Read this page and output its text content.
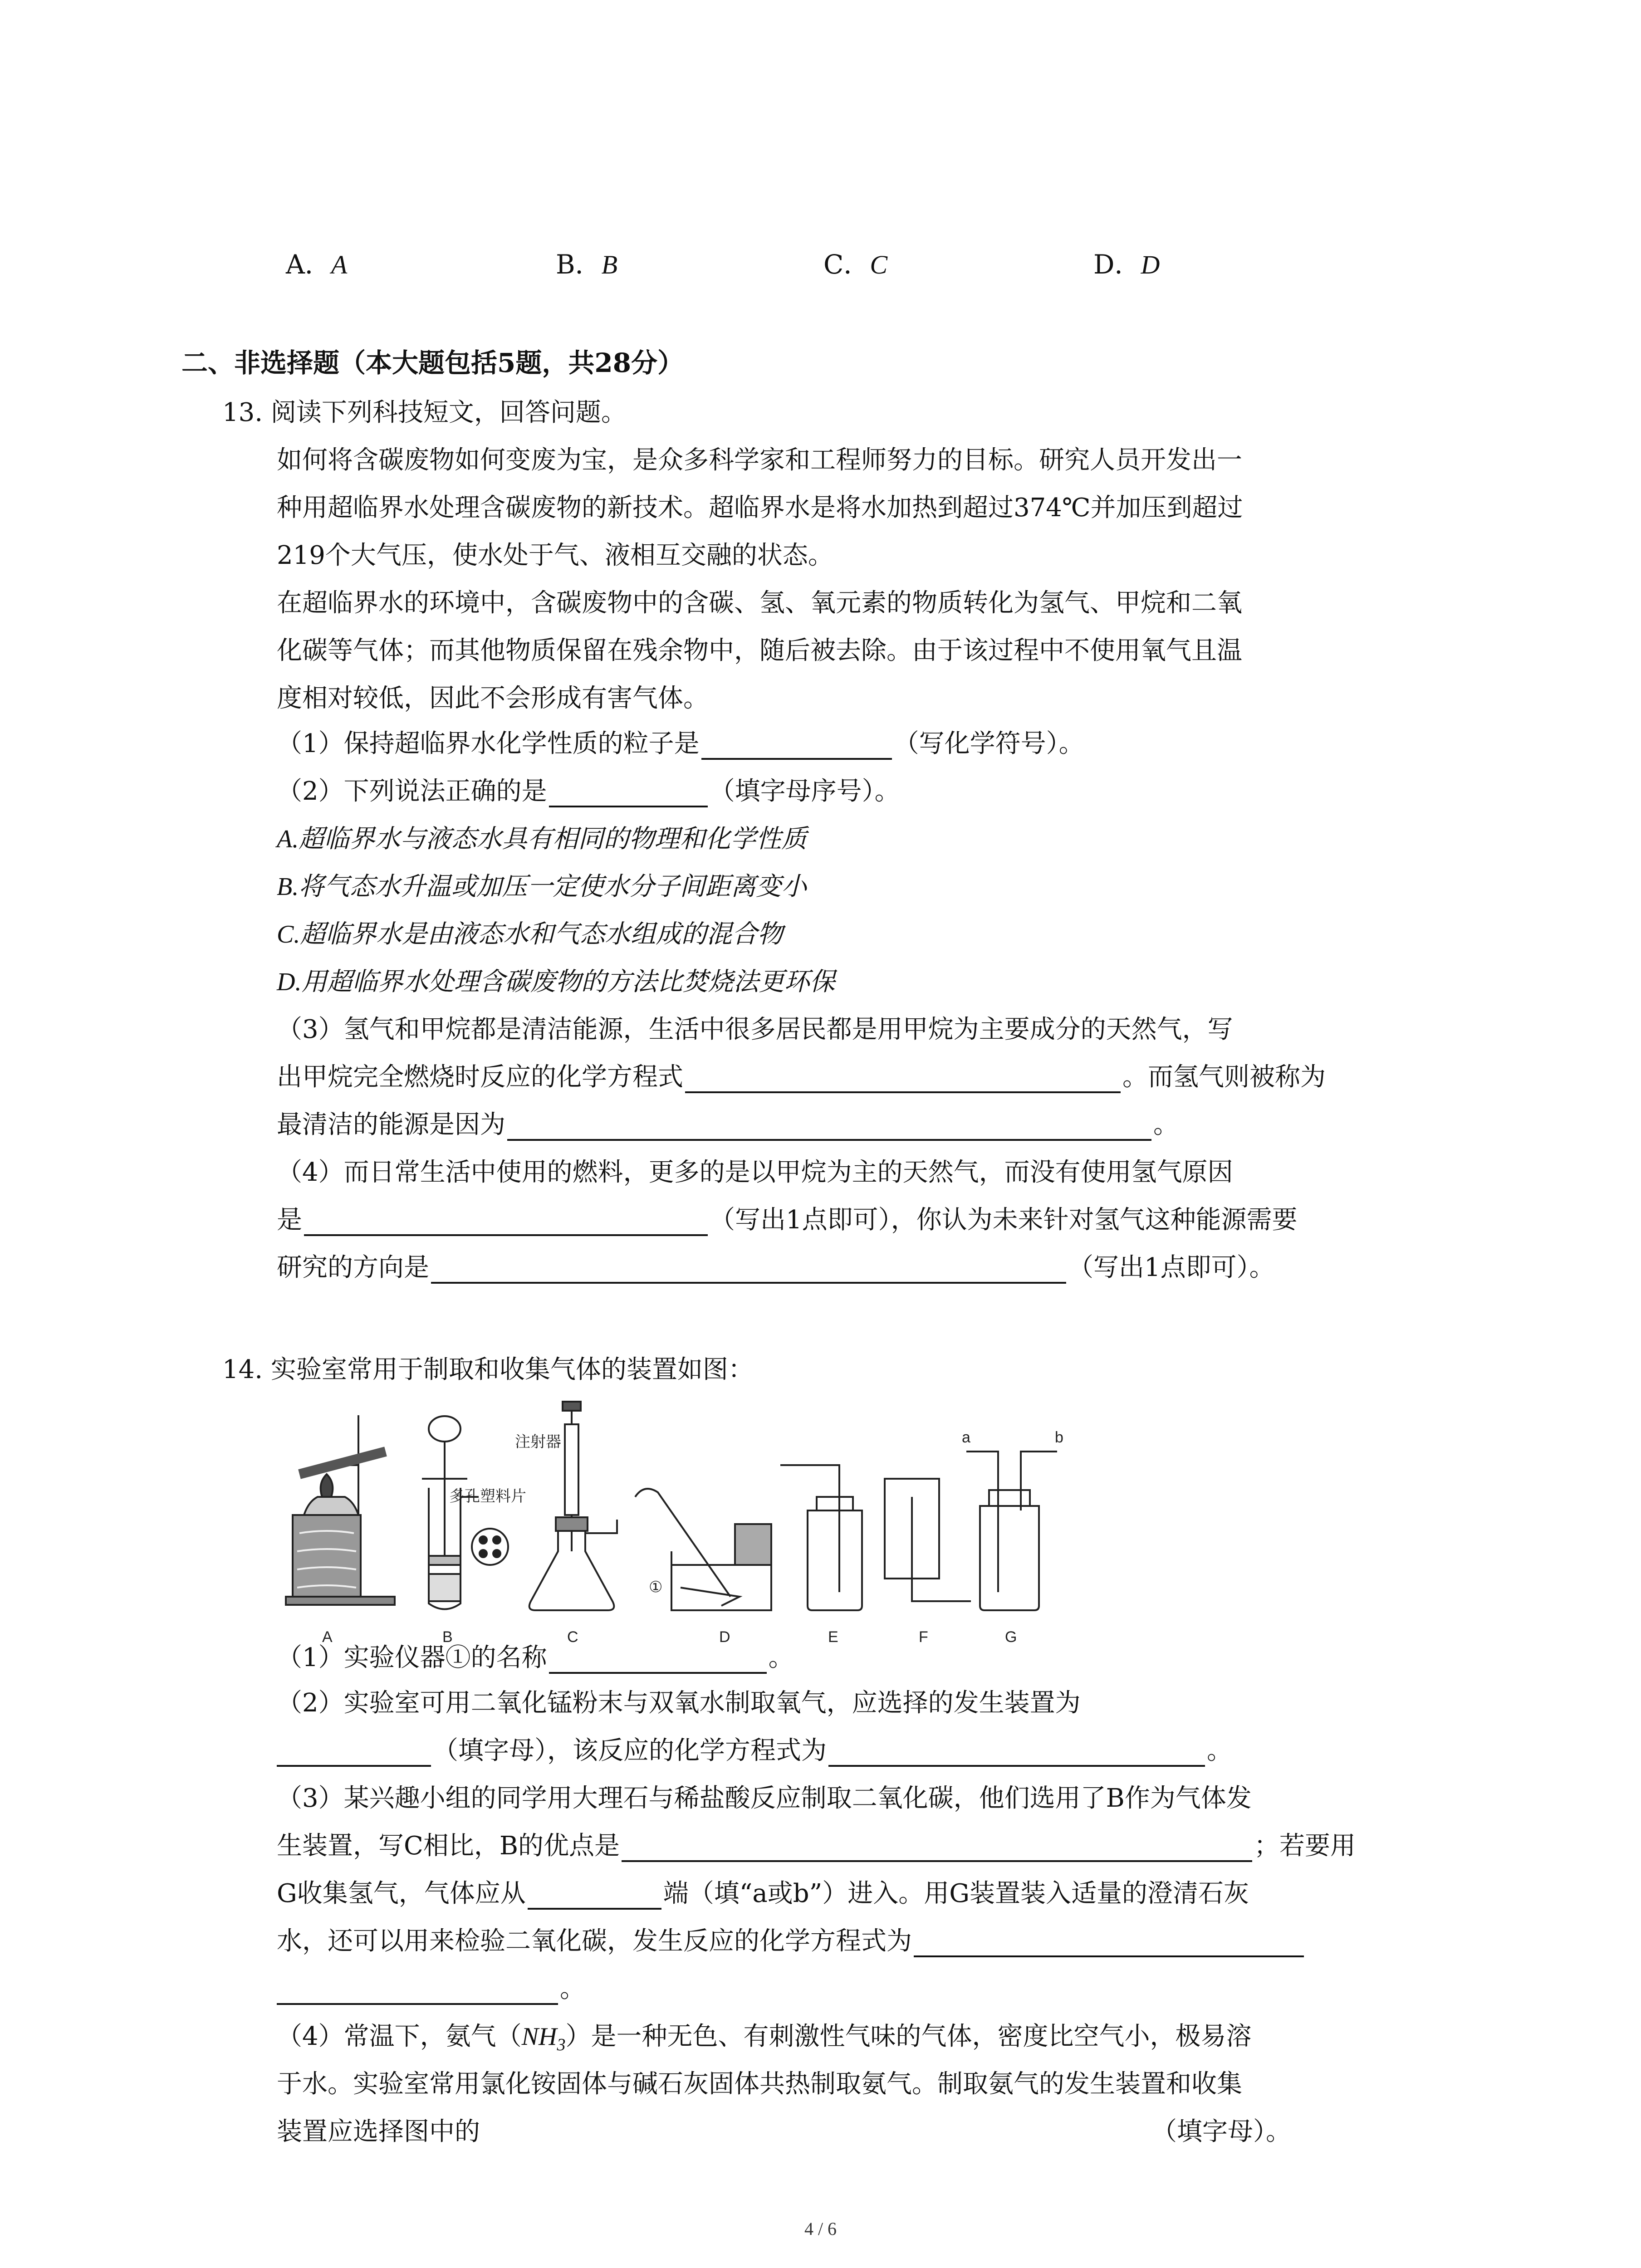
A．A	B．B	C．C	D．D
二、非选择题（本大题包括5题，共28分）
13. 阅读下列科技短文，回答问题。
如何将含碳废物如何变废为宝，是众多科学家和工程师努力的目标。研究人员开发出一
种用超临界水处理含碳废物的新技术。超临界水是将水加热到超过374℃并加压到超过
219个大气压，使水处于气、液相互交融的状态。
在超临界水的环境中，含碳废物中的含碳、氢、氧元素的物质转化为氢气、甲烷和二氧
化碳等气体；而其他物质保留在残余物中，随后被去除。由于该过程中不使用氧气且温
度相对较低，因此不会形成有害气体。
（1）保持超临界水化学性质的粒子是	（写化学符号）。
（2）下列说法正确的是	（填字母序号）。
A.超临界水与液态水具有相同的物理和化学性质
B.将气态水升温或加压一定使水分子间距离变小
C.超临界水是由液态水和气态水组成的混合物
D.用超临界水处理含碳废物的方法比焚烧法更环保
（3）氢气和甲烷都是清洁能源，生活中很多居民都是用甲烷为主要成分的天然气，写
出甲烷完全燃烧时反应的化学方程式	。而氢气则被称为
最清洁的能源是因为	。
（4）而日常生活中使用的燃料，更多的是以甲烷为主的天然气，而没有使用氢气原因
是	（写出1点即可），你认为未来针对氢气这种能源需要
研究的方向是	（写出1点即可）。
14. 实验室常用于制取和收集气体的装置如图：
多孔塑料片
注射器
①
a	b
A	B	C	D	E	F	G
（1）实验仪器①的名称	。
（2）实验室可用二氧化锰粉末与双氧水制取氧气，应选择的发生装置为
（填字母），该反应的化学方程式为	。
（3）某兴趣小组的同学用大理石与稀盐酸反应制取二氧化碳，他们选用了B作为气体发
生装置，写C相比，B的优点是	；若要用
G收集氢气，气体应从	端（填“a或b”）进入。用G装置装入适量的澄清石灰
水，还可以用来检验二氧化碳，发生反应的化学方程式为
。
（4）常温下，氨气$(NH_3)$是一种无色、有刺激性气味的气体，密度比空气小，极易溶
于水。实验室常用氯化铵固体与碱石灰固体共热制取氨气。制取氨气的发生装置和收集
装置应选择图中的	（填字母）。
4 / 6
